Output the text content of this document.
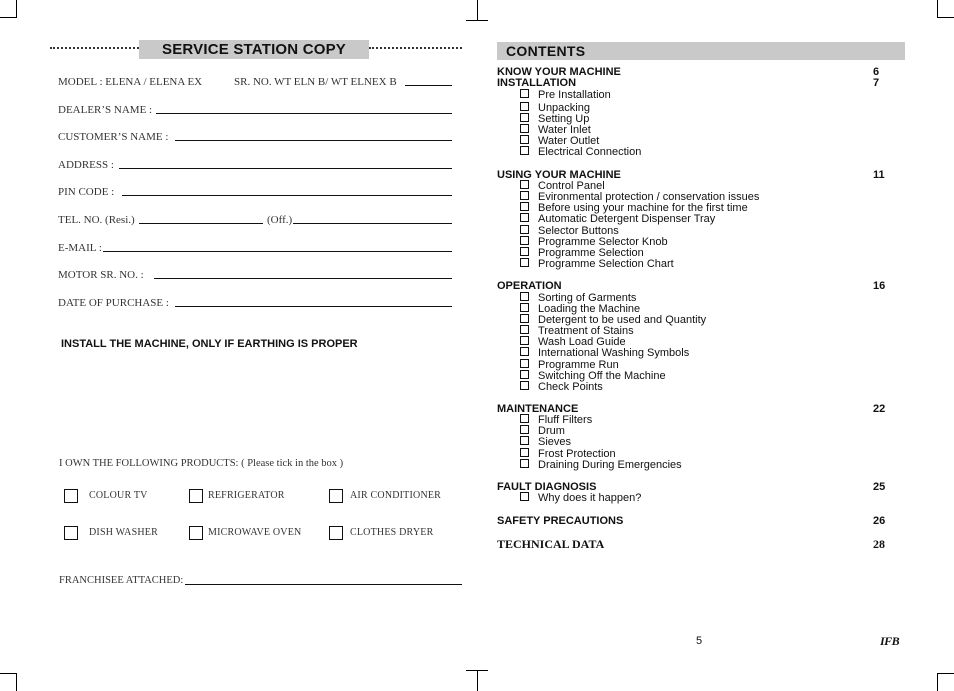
SERVICE STATION COPY
MODEL : ELENA / ELENA EX	SR. NO. WT ELN B/ WT ELNEX B
DEALER’S NAME :
CUSTOMER’S NAME :
ADDRESS :
PIN CODE :
TEL. NO. (Resi.)	(Off.)
E-MAIL :
MOTOR SR. NO. :
DATE OF PURCHASE :
INSTALL THE MACHINE, ONLY IF EARTHING IS PROPER
I OWN THE FOLLOWING PRODUCTS: ( Please tick in the box )
COLOUR TV	REFRIGERATOR	AIR CONDITIONER
DISH WASHER	MICROWAVE OVEN	CLOTHES DRYER
FRANCHISEE ATTACHED:
CONTENTS
KNOW YOUR MACHINE	6
INSTALLATION	7
Pre Installation
Unpacking
Setting Up
Water Inlet
Water Outlet
Electrical Connection
USING YOUR MACHINE	11
Control Panel
Evironmental protection / conservation issues
Before using your machine for the first time
Automatic Detergent Dispenser Tray
Selector Buttons
Programme Selector Knob
Programme Selection
Programme Selection Chart
OPERATION	16
Sorting of Garments
Loading the Machine
Detergent to be used and Quantity
Treatment of Stains
Wash Load Guide
International Washing Symbols
Programme Run
Switching Off the Machine
Check Points
MAINTENANCE	22
Fluff Filters
Drum
Sieves
Frost Protection
Draining During Emergencies
FAULT DIAGNOSIS	25
Why does it happen?
SAFETY PRECAUTIONS	26
TECHNICAL DATA	28
5	IFB
